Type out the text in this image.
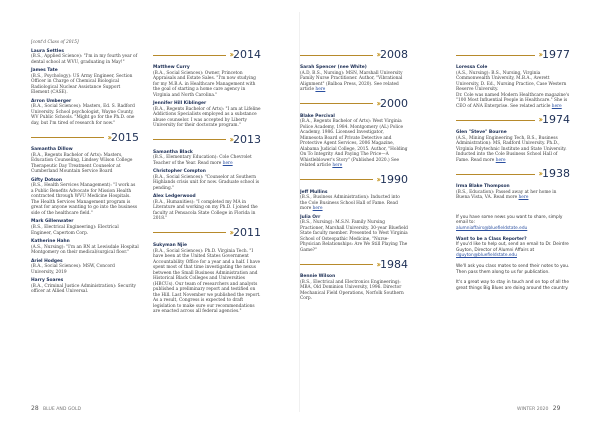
[cont'd Class of 2015]
Laura Settles
(B.S., Applied Science): "I'm in my fourth year of dental school at WVU, graduating in May!"
James Tate
(B.S., Psychology): US Army Engineer, Section Officer in Charge of Chemical Biological Radiological Nuclear Assistance Support Element (CASE).
Arron Umberger
(B.A., Social Sciences): Masters, Ed. S. Radford University. School psychologist, Wayne County, WV Public Schools. "Might go for the Ph.D. one day, but I'm tired of research for now."
›› 2015
Samantha Dillow
(B.A., Regents Bachelor of Arts): Masters, Education Counseling, Lindsey Wilson College Therapeutic Day Treatment Counselor at Cumberland Mountain Service Board
Gifty Dotson
(B.S., Health Services Management): "I work as a Public Benefits Advocate for Mission Health contracted through WVU Medicine Hospitals. The Health Services Management program is great for anyone wanting to go into the business side of the healthcare field."
Mark Gillenwater
(B.S., Electrical Engineering): Electrical Engineer, Capertom Corp.
Katherine Hahn
(A.S., Nursing): "I'm an RN at Lewisdale Hospital Montgomery on their medical/surgical floor."
Ariel Hodges
(B.A., Social Sciences): MSW, Concord University, 2019
Harry Soares
(B.A., Criminal Justice Administration): Security officer at Allied Universal.
›› 2014
Matthew Curry
(B.A., Social Sciences): Owner, Princeton Appraisals and Estate Sales. "I'm now studying for my M.B.A. in Healthcare Management with the goal of starting a home care agency in Virginia and North Carolina."
Jennifer Hill Kiblinger
(B.A., Regents Bachelor of Arts): "I am at Lifeline Addictions Specialists employed as a substance abuse counselor. I was accepted by Liberty University for their doctorate program."
›› 2013
Samantha Black
(B.S., Elementary Education): Cole Chevrolet Teacher of the Year. Read more here
Christopher Compton
(B.A., Social Sciences): "Counselor at Southern Highlands crisis unit for now. Graduate school is pending."
Alex Ledgerwood
(B.A., Humanities): "I completed my MA in Literature and working on my Ph.D. I joined the faculty at Pensacola State College in Florida in 2018."
›› 2011
Sukyman Njie
(B.A., Social Sciences): Ph.D. Virginia Tech. "I have been at the United States Government Accountability Office for a year and a half. I have spent most of that time investigating the nexus between the Small Business Administration and Historical Black Colleges and Universities (HBCUs). Our team of researchers and analysts published a preliminary report and testified on the Hill. Last November we published the report. As a result, Congress is expected to draft legislation to make sure our recommendations are enacted across all federal agencies."
›› 2008
Sarah Spencer (nee White)
(A.D, B.S., Nursing): MSN, Marshall University Family Nurse Practitioner. Author, "Vibrational Alignment" (Balboa Press, 2020). See related article here
›› 2000
Blake Percival
(B.A., Regents Bachelor of Arts): West Virginia Police Academy, 1984. Montgomery (AL) Police Academy, 1986. Licensed Investigator, Minnesota Board of Private Detective and Protective Agent Services, 2006 Magazine, Alabama Judicial College, 2015. Author, "Holding On To Integrity And Paying The Price—A Whistleblower's Story" (Published 2020.) See related article here
›› 1990
Jeff Mullins
(B.S., Business Administration): Inducted into the Cole Business School Hall of Fame. Read more here
Julia Orr
(B.S., Nursing): M.S.N. Family Nursing Practioner, Marshall University. 30-year Bluefield State faculty member. Presented to West Virginia School of Osteopathic Medicine, "Nurse-Physician Relationships: Are We Still Playing The Game?"
›› 1984
Bennie Wilson
(B.S., Electrical and Electronics Engineering): MBA, Old Dominion University, 1996. Director Mechanical Field Operations, Norfolk Southern Corp.
›› 1977
Loressa Cole
(A.S., Nursing): B.S., Nursing, Virginia Commonwealth University, M.B.A., Averett University, D. Ed., Nursing Practice, Case Western Reserve University.
Dr. Cole was named Modern Healthcare magazine's "100 Most Influential People in Healthcare." She is CEO of ANA Enterprise. See related article here
›› 1974
Glen "Steve" Bourne
(A.S., Mining Engineering Tech, B.S., Business Administration): MS, Radford University. Ph.D., Virginia Polytechnic Institute and State University. Inducted into the Cole Business School Hall of Fame. Read more here
›› 1938
Irma Blake Thompson
(B.S., Education): Passed away at her home in Buena Vista, VA. Read more here
If you have some news you want to share, simply email to:
alumniaffairs@bluefieldstate.edu
Want to be a Class Reporter?
If you'd like to help out, send an email to Dr. Deirdre Guyton, Director of Alumni Affairs at dguyton@bluefieldstate.edu
We'll ask you class mates to send their notes to you. Then pass them along to us for publication.
It's a great way to stay in touch and on top of all the great things Big Blues are doing around the country.
28 BLUE AND GOLD	WINTER 2020 29
